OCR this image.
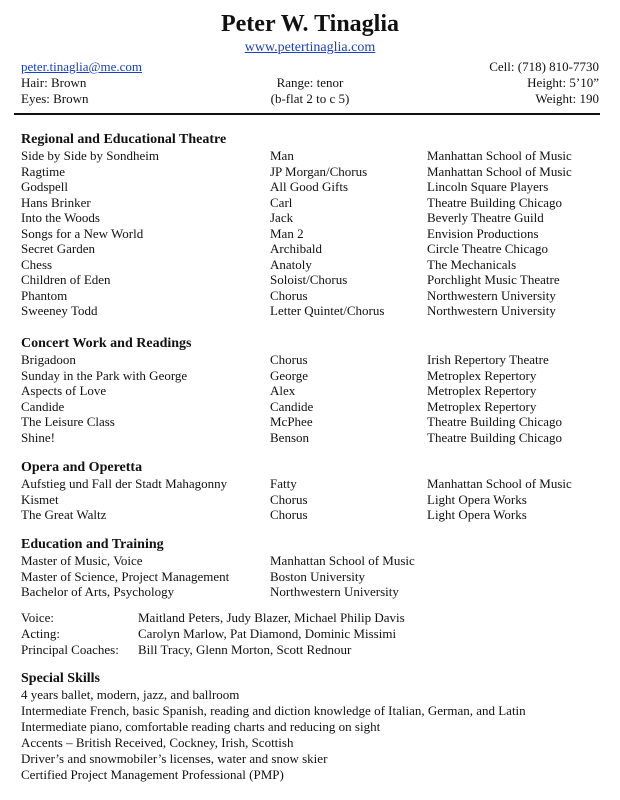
Peter W. Tinaglia
www.petertinaglia.com
peter.tinaglia@me.com	Cell: (718) 810-7730
Hair: Brown	Range: tenor	Height: 5’10”
Eyes: Brown	(b-flat 2 to c 5)	Weight: 190
Regional and Educational Theatre
Side by Side by Sondheim	Man	Manhattan School of Music
Ragtime	JP Morgan/Chorus	Manhattan School of Music
Godspell	All Good Gifts	Lincoln Square Players
Hans Brinker	Carl	Theatre Building Chicago
Into the Woods	Jack	Beverly Theatre Guild
Songs for a New World	Man 2	Envision Productions
Secret Garden	Archibald	Circle Theatre Chicago
Chess	Anatoly	The Mechanicals
Children of Eden	Soloist/Chorus	Porchlight Music Theatre
Phantom	Chorus	Northwestern University
Sweeney Todd	Letter Quintet/Chorus	Northwestern University
Concert Work and Readings
Brigadoon	Chorus	Irish Repertory Theatre
Sunday in the Park with George	George	Metroplex Repertory
Aspects of Love	Alex	Metroplex Repertory
Candide	Candide	Metroplex Repertory
The Leisure Class	McPhee	Theatre Building Chicago
Shine!	Benson	Theatre Building Chicago
Opera and Operetta
Aufstieg und Fall der Stadt Mahagonny	Fatty	Manhattan School of Music
Kismet	Chorus	Light Opera Works
The Great Waltz	Chorus	Light Opera Works
Education and Training
Master of Music, Voice	Manhattan School of Music
Master of Science, Project Management	Boston University
Bachelor of Arts, Psychology	Northwestern University
Voice:	Maitland Peters, Judy Blazer, Michael Philip Davis
Acting:	Carolyn Marlow, Pat Diamond, Dominic Missimi
Principal Coaches: Bill Tracy, Glenn Morton, Scott Rednour
Special Skills
4 years ballet, modern, jazz, and ballroom
Intermediate French, basic Spanish, reading and diction knowledge of Italian, German, and Latin
Intermediate piano, comfortable reading charts and reducing on sight
Accents – British Received, Cockney, Irish, Scottish
Driver’s and snowmobiler’s licenses, water and snow skier
Certified Project Management Professional (PMP)
